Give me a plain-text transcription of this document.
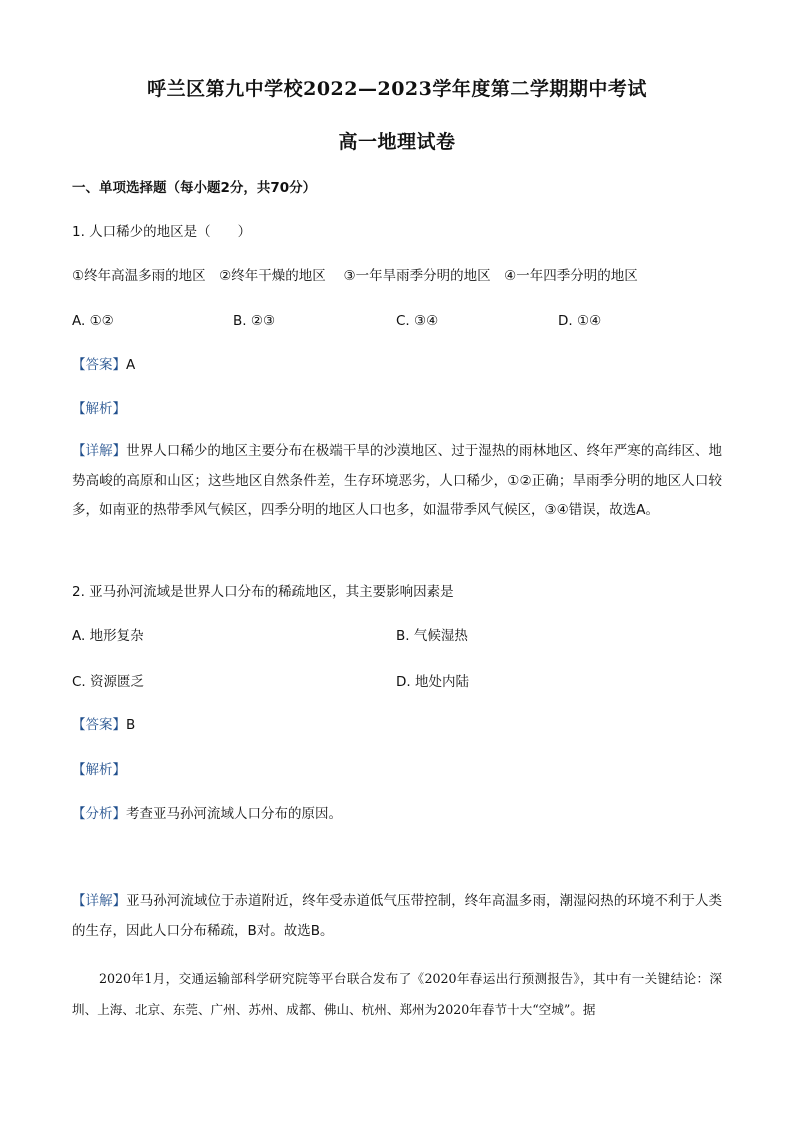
呼兰区第九中学校2022—2023学年度第二学期期中考试
高一地理试卷
一、单项选择题（每小题2分，共70分）
1. 人口稀少的地区是（　　）
①终年高温多雨的地区　②终年干燥的地区　 ③一年旱雨季分明的地区　④一年四季分明的地区
A. ①②	B. ②③	C. ③④	D. ①④
【答案】A
【解析】
【详解】世界人口稀少的地区主要分布在极端干旱的沙漠地区、过于湿热的雨林地区、终年严寒的高纬区、地势高峻的高原和山区；这些地区自然条件差，生存环境恶劣，人口稀少，①②正确；旱雨季分明的地区人口较多，如南亚的热带季风气候区，四季分明的地区人口也多，如温带季风气候区，③④错误，故选A。
2. 亚马孙河流域是世界人口分布的稀疏地区，其主要影响因素是
A. 地形复杂	B. 气候湿热
C. 资源匮乏	D. 地处内陆
【答案】B
【解析】
【分析】考查亚马孙河流域人口分布的原因。
【详解】亚马孙河流域位于赤道附近，终年受赤道低气压带控制，终年高温多雨，潮湿闷热的环境不利于人类的生存，因此人口分布稀疏，B对。故选B。
2020年1月，交通运输部科学研究院等平台联合发布了《2020年春运出行预测报告》，其中有一关键结论：深圳、上海、北京、东莞、广州、苏州、成都、佛山、杭州、郑州为2020年春节十大“空城”。据
